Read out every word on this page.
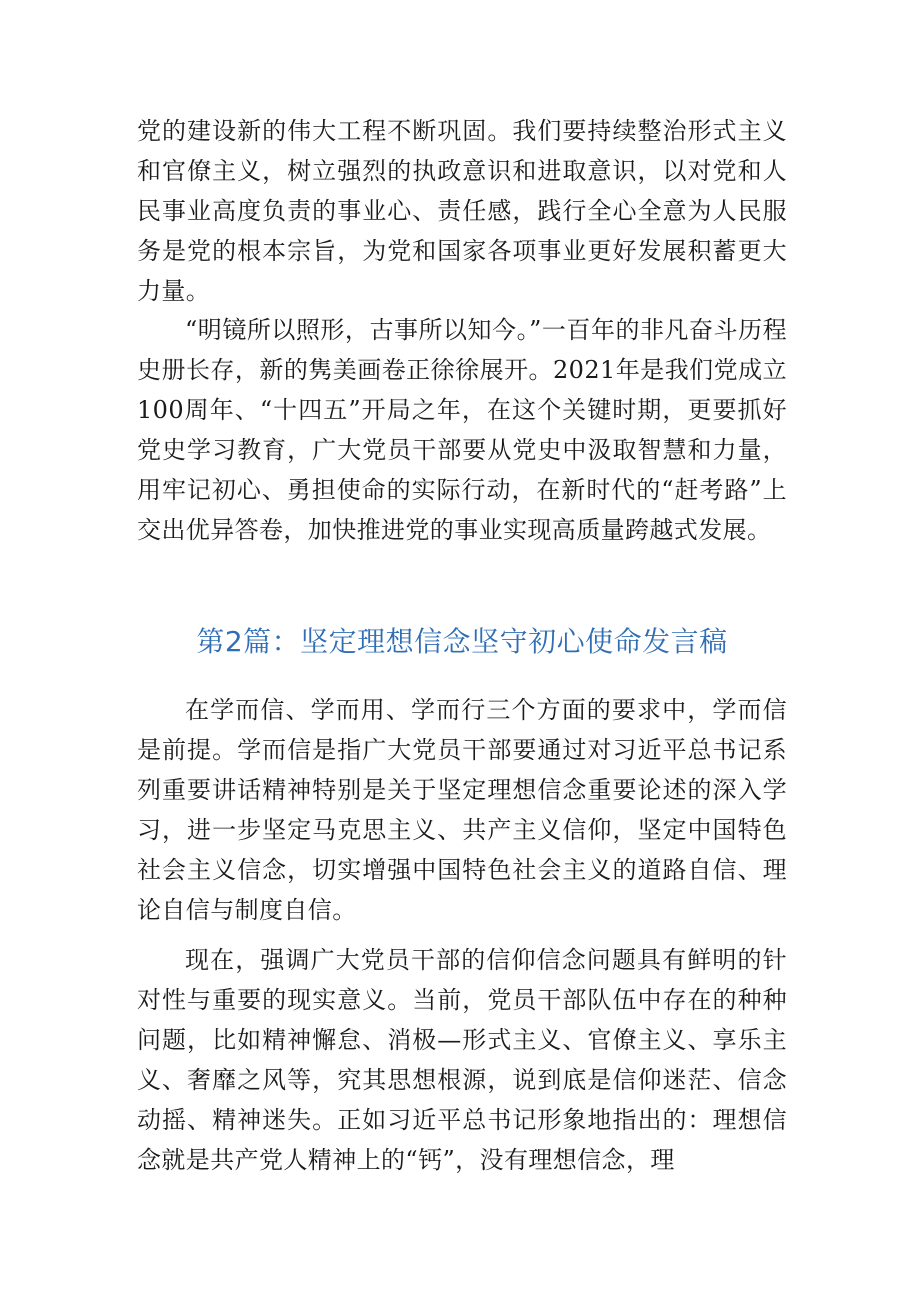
党的建设新的伟大工程不断巩固。我们要持续整治形式主义和官僚主义，树立强烈的执政意识和进取意识，以对党和人民事业高度负责的事业心、责任感，践行全心全意为人民服务是党的根本宗旨，为党和国家各项事业更好发展积蓄更大力量。
“明镜所以照形，古事所以知今。”一百年的非凡奋斗历程史册长存，新的隽美画卷正徐徐展开。2021年是我们党成立100周年、“十四五”开局之年，在这个关键时期，更要抓好党史学习教育，广大党员干部要从党史中汲取智慧和力量，用牢记初心、勇担使命的实际行动，在新时代的“赶考路”上交出优异答卷，加快推进党的事业实现高质量跨越式发展。
第2篇：坚定理想信念坚守初心使命发言稿
在学而信、学而用、学而行三个方面的要求中，学而信是前提。学而信是指广大党员干部要通过对习近平总书记系列重要讲话精神特别是关于坚定理想信念重要论述的深入学习，进一步坚定马克思主义、共产主义信仰，坚定中国特色社会主义信念，切实增强中国特色社会主义的道路自信、理论自信与制度自信。
现在，强调广大党员干部的信仰信念问题具有鲜明的针对性与重要的现实意义。当前，党员干部队伍中存在的种种问题，比如精神懈怠、消极—形式主义、官僚主义、享乐主义、奢靡之风等，究其思想根源，说到底是信仰迷茫、信念动摇、精神迷失。正如习近平总书记形象地指出的：理想信念就是共产党人精神上的“钙”，没有理想信念，理
